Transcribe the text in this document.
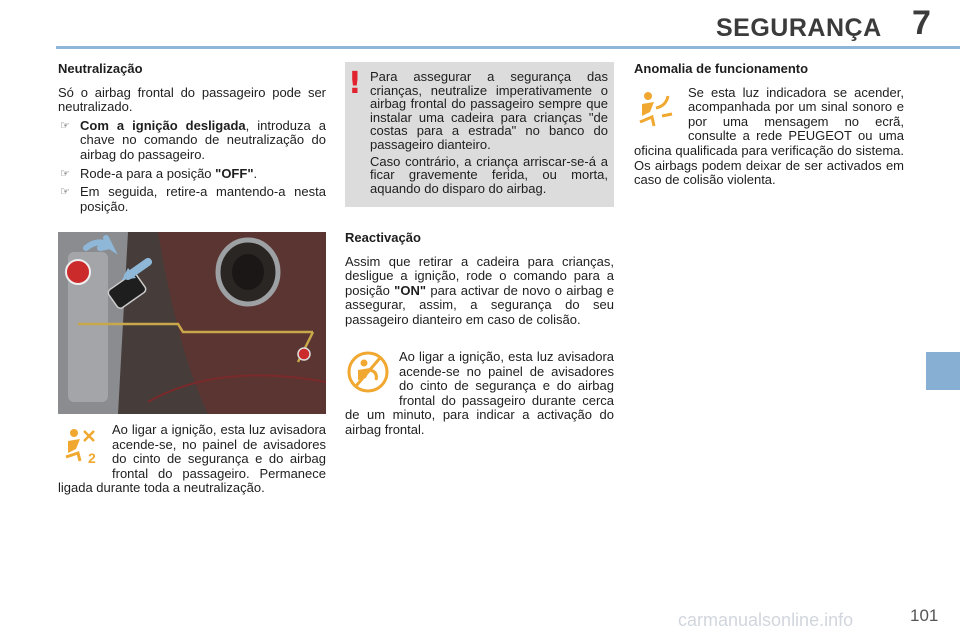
SEGURANÇA 7
Neutralização

Só o airbag frontal do passageiro pode ser neutralizado.

☞ Com a ignição desligada, introduza a chave no comando de neutralização do airbag do passageiro.
☞ Rode-a para a posição "OFF".
☞ Em seguida, retire-a mantendo-a nesta posição.
2
Ao ligar a ignição, esta luz avisadora acende-se, no painel de avisadores do cinto de segurança e do airbag frontal do passageiro. Permanece ligada durante toda a neutralização.
! Para assegurar a segurança das crianças, neutralize imperativamente o airbag frontal do passageiro sempre que instalar uma cadeira para crianças "de costas para a estrada" no banco do passageiro dianteiro.

Caso contrário, a criança arriscar-se-á a ficar gravemente ferida, ou morta, aquando do disparo do airbag.

Reactivação

Assim que retirar a cadeira para crianças, desligue a ignição, rode o comando para a posição "ON" para activar de novo o airbag e assegurar, assim, a segurança do seu passageiro dianteiro em caso de colisão.

Ao ligar a ignição, esta luz avisadora acende-se no painel de avisadores do cinto de segurança e do airbag frontal do passageiro durante cerca de um minuto, para indicar a activação do airbag frontal.
Anomalia de funcionamento

Se esta luz indicadora se acender, acompanhada por um sinal sonoro e por uma mensagem no ecrã, consulte a rede PEUGEOT ou uma oficina qualificada para verificação do sistema. Os airbags podem deixar de ser activados em caso de colisão violenta.

carmanualsonline.info	101
